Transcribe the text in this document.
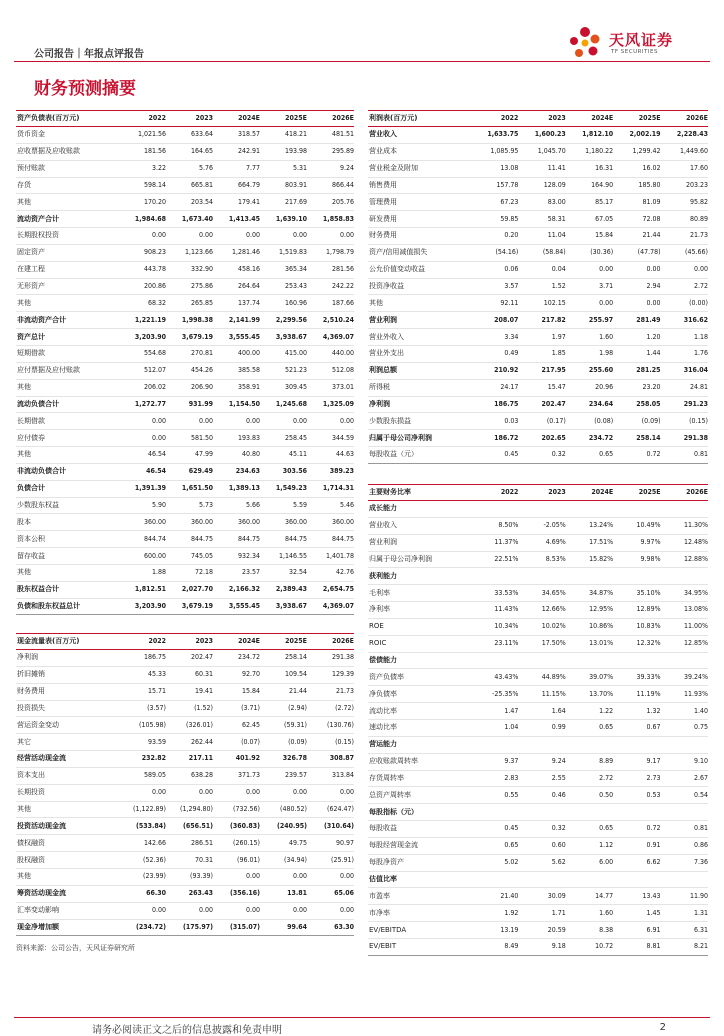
公司报告｜年报点评报告
天风证券
TF SECURITIES
财务预测摘要
资产负债表(百万元)	2022	2023	2024E	2025E	2026E
货币资金	1,021.56	633.64	318.57	418.21	481.51
应收票据及应收账款	181.56	164.65	242.91	193.98	295.89
预付账款	3.22	5.76	7.77	5.31	9.24
存货	598.14	665.81	664.79	803.91	866.44
其他	170.20	203.54	179.41	217.69	205.76
流动资产合计	1,984.68	1,673.40	1,413.45	1,639.10	1,858.83
长期股权投资	0.00	0.00	0.00	0.00	0.00
固定资产	908.23	1,123.66	1,281.46	1,519.83	1,798.79
在建工程	443.78	332.90	458.16	365.34	281.56
无形资产	200.86	275.86	264.64	253.43	242.22
其他	68.32	265.85	137.74	160.96	187.66
非流动资产合计	1,221.19	1,998.38	2,141.99	2,299.56	2,510.24
资产总计	3,203.90	3,679.19	3,555.45	3,938.67	4,369.07
短期借款	554.68	270.81	400.00	415.00	440.00
应付票据及应付账款	512.07	454.26	385.58	521.23	512.08
其他	206.02	206.90	358.91	309.45	373.01
流动负债合计	1,272.77	931.99	1,154.50	1,245.68	1,325.09
长期借款	0.00	0.00	0.00	0.00	0.00
应付债券	0.00	581.50	193.83	258.45	344.59
其他	46.54	47.99	40.80	45.11	44.63
非流动负债合计	46.54	629.49	234.63	303.56	389.23
负债合计	1,391.39	1,651.50	1,389.13	1,549.23	1,714.31
少数股东权益	5.90	5.73	5.66	5.59	5.46
股本	360.00	360.00	360.00	360.00	360.00
资本公积	844.74	844.75	844.75	844.75	844.75
留存收益	600.00	745.05	932.34	1,146.55	1,401.78
其他	1.88	72.18	23.57	32.54	42.76
股东权益合计	1,812.51	2,027.70	2,166.32	2,389.43	2,654.75
负债和股东权益总计	3,203.90	3,679.19	3,555.45	3,938.67	4,369.07
利润表(百万元)	2022	2023	2024E	2025E	2026E
营业收入	1,633.75	1,600.23	1,812.10	2,002.19	2,228.43
营业成本	1,085.95	1,045.70	1,180.22	1,299.42	1,449.60
营业税金及附加	13.08	11.41	16.31	16.02	17.60
销售费用	157.78	128.09	164.90	185.80	203.23
管理费用	67.23	83.00	85.17	81.09	95.82
研发费用	59.85	58.31	67.05	72.08	80.89
财务费用	0.20	11.04	15.84	21.44	21.73
资产/信用减值损失	(54.16)	(58.84)	(30.36)	(47.78)	(45.66)
公允价值变动收益	0.06	0.04	0.00	0.00	0.00
投资净收益	3.57	1.52	3.71	2.94	2.72
其他	92.11	102.15	0.00	0.00	(0.00)
营业利润	208.07	217.82	255.97	281.49	316.62
营业外收入	3.34	1.97	1.60	1.20	1.18
营业外支出	0.49	1.85	1.98	1.44	1.76
利润总额	210.92	217.95	255.60	281.25	316.04
所得税	24.17	15.47	20.96	23.20	24.81
净利润	186.75	202.47	234.64	258.05	291.23
少数股东损益	0.03	(0.17)	(0.08)	(0.09)	(0.15)
归属于母公司净利润	186.72	202.65	234.72	258.14	291.38
每股收益（元）	0.45	0.32	0.65	0.72	0.81
主要财务比率	2022	2023	2024E	2025E	2026E
成长能力					
营业收入	8.50%	-2.05%	13.24%	10.49%	11.30%
营业利润	11.37%	4.69%	17.51%	9.97%	12.48%
归属于母公司净利润	22.51%	8.53%	15.82%	9.98%	12.88%
获利能力					
毛利率	33.53%	34.65%	34.87%	35.10%	34.95%
净利率	11.43%	12.66%	12.95%	12.89%	13.08%
ROE	10.34%	10.02%	10.86%	10.83%	11.00%
ROIC	23.11%	17.50%	13.01%	12.32%	12.85%
偿债能力					
资产负债率	43.43%	44.89%	39.07%	39.33%	39.24%
净负债率	-25.35%	11.15%	13.70%	11.19%	11.93%
流动比率	1.47	1.64	1.22	1.32	1.40
速动比率	1.04	0.99	0.65	0.67	0.75
营运能力					
应收账款周转率	9.37	9.24	8.89	9.17	9.10
存货周转率	2.83	2.55	2.72	2.73	2.67
总资产周转率	0.55	0.46	0.50	0.53	0.54
每股指标（元）					
每股收益	0.45	0.32	0.65	0.72	0.81
每股经营现金流	0.65	0.60	1.12	0.91	0.86
每股净资产	5.02	5.62	6.00	6.62	7.36
估值比率					
市盈率	21.40	30.09	14.77	13.43	11.90
市净率	1.92	1.71	1.60	1.45	1.31
EV/EBITDA	13.19	20.59	8.38	6.91	6.31
EV/EBIT	8.49	9.18	10.72	8.81	8.21
现金流量表(百万元)	2022	2023	2024E	2025E	2026E
净利润	186.75	202.47	234.72	258.14	291.38
折旧摊销	45.33	60.31	92.70	109.54	129.39
财务费用	15.71	19.41	15.84	21.44	21.73
投资损失	(3.57)	(1.52)	(3.71)	(2.94)	(2.72)
营运资金变动	(105.98)	(326.01)	62.45	(59.31)	(130.76)
其它	93.59	262.44	(0.07)	(0.09)	(0.15)
经营活动现金流	232.82	217.11	401.92	326.78	308.87
资本支出	589.05	638.28	371.73	239.57	313.84
长期投资	0.00	0.00	0.00	0.00	0.00
其他	(1,122.89)	(1,294.80)	(732.56)	(480.52)	(624.47)
投资活动现金流	(533.84)	(656.51)	(360.83)	(240.95)	(310.64)
债权融资	142.66	286.51	(260.15)	49.75	90.97
股权融资	(52.36)	70.31	(96.01)	(34.94)	(25.91)
其他	(23.99)	(93.39)	0.00	0.00	0.00
筹资活动现金流	66.30	263.43	(356.16)	13.81	65.06
汇率变动影响	0.00	0.00	0.00	0.00	0.00
现金净增加额	(234.72)	(175.97)	(315.07)	99.64	63.30
资料来源：公司公告，天风证券研究所
请务必阅读正文之后的信息披露和免责申明	2
